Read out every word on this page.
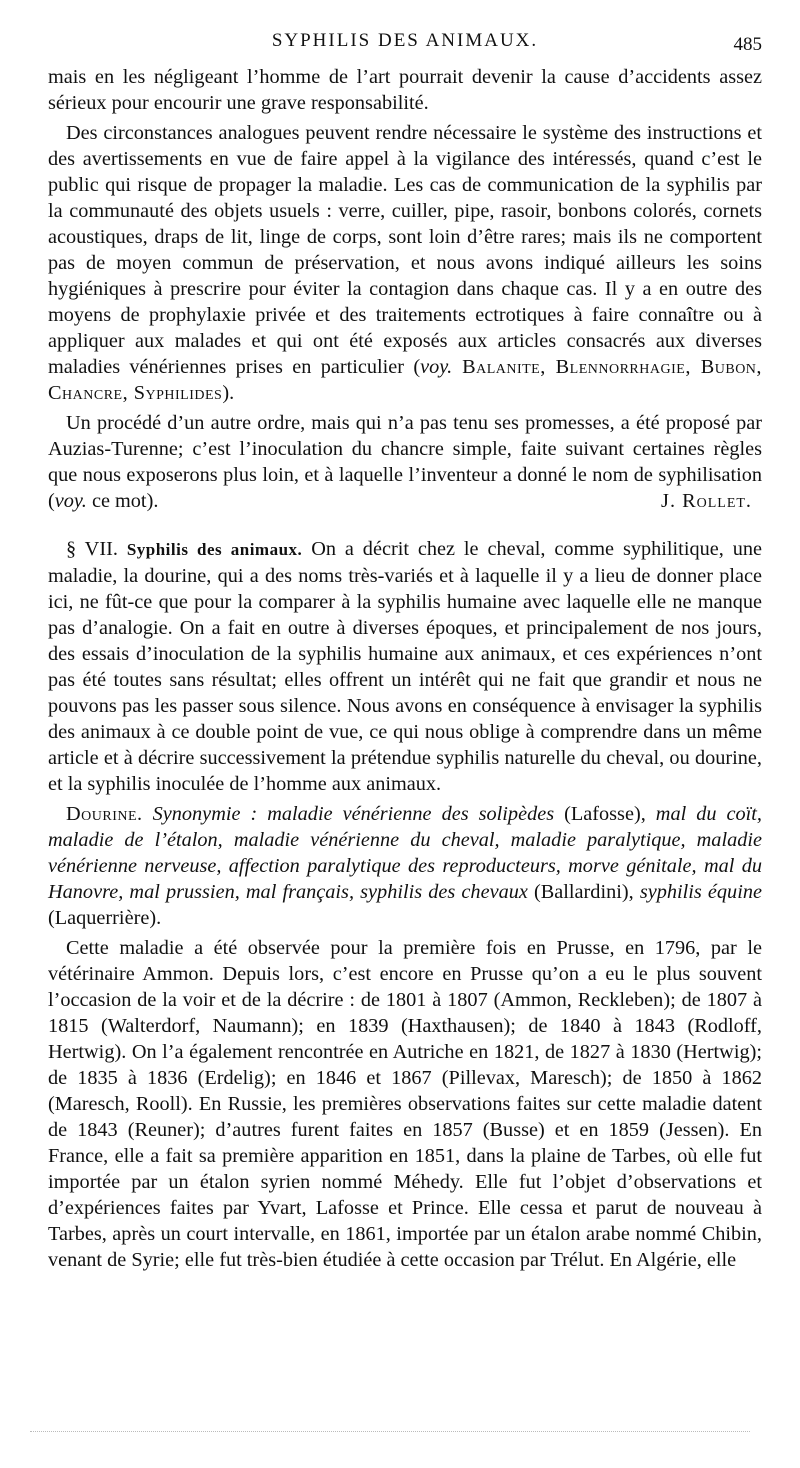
SYPHILIS DES ANIMAUX.	485

mais en les négligeant l’homme de l’art pourrait devenir la cause d’accidents assez sérieux pour encourir une grave responsabilité.

Des circonstances analogues peuvent rendre nécessaire le système des instructions et des avertissements en vue de faire appel à la vigilance des intéressés, quand c’est le public qui risque de propager la maladie. Les cas de communication de la syphilis par la communauté des objets usuels : verre, cuiller, pipe, rasoir, bonbons colorés, cornets acoustiques, draps de lit, linge de corps, sont loin d’être rares; mais ils ne comportent pas de moyen commun de préservation, et nous avons indiqué ailleurs les soins hygiéniques à prescrire pour éviter la contagion dans chaque cas. Il y a en outre des moyens de prophylaxie privée et des traitements ectrotiques à faire connaître ou à appliquer aux malades et qui ont été exposés aux articles consacrés aux diverses maladies vénériennes prises en particulier (voy. Balanite, Blennorrhagie, Bubon, Chancre, Syphilides).

Un procédé d’un autre ordre, mais qui n’a pas tenu ses promesses, a été proposé par Auzias-Turenne; c’est l’inoculation du chancre simple, faite suivant certaines règles que nous exposerons plus loin, et à laquelle l’inventeur a donné le nom de syphilisation (voy. ce mot).	J. Rollet.

§ VII. Syphilis des animaux. On a décrit chez le cheval, comme syphilitique, une maladie, la dourine, qui a des noms très-variés et à laquelle il y a lieu de donner place ici, ne fût-ce que pour la comparer à la syphilis humaine avec laquelle elle ne manque pas d’analogie. On a fait en outre à diverses époques, et principalement de nos jours, des essais d’inoculation de la syphilis humaine aux animaux, et ces expériences n’ont pas été toutes sans résultat; elles offrent un intérêt qui ne fait que grandir et nous ne pouvons pas les passer sous silence. Nous avons en conséquence à envisager la syphilis des animaux à ce double point de vue, ce qui nous oblige à comprendre dans un même article et à décrire successivement la prétendue syphilis naturelle du cheval, ou dourine, et la syphilis inoculée de l’homme aux animaux.

Dourine. Synonymie : maladie vénérienne des solipèdes (Lafosse), mal du coït, maladie de l’étalon, maladie vénérienne du cheval, maladie paralytique, maladie vénérienne nerveuse, affection paralytique des reproducteurs, morve génitale, mal du Hanovre, mal prussien, mal français, syphilis des chevaux (Ballardini), syphilis équine (Laquerrière).

Cette maladie a été observée pour la première fois en Prusse, en 1796, par le vétérinaire Ammon. Depuis lors, c’est encore en Prusse qu’on a eu le plus souvent l’occasion de la voir et de la décrire : de 1801 à 1807 (Ammon, Reckleben); de 1807 à 1815 (Walterdorf, Naumann); en 1839 (Haxthausen); de 1840 à 1843 (Rodloff, Hertwig). On l’a également rencontrée en Autriche en 1821, de 1827 à 1830 (Hertwig); de 1835 à 1836 (Erdelig); en 1846 et 1867 (Pillevax, Maresch); de 1850 à 1862 (Maresch, Rooll). En Russie, les premières observations faites sur cette maladie datent de 1843 (Reuner); d’autres furent faites en 1857 (Busse) et en 1859 (Jessen). En France, elle a fait sa première apparition en 1851, dans la plaine de Tarbes, où elle fut importée par un étalon syrien nommé Méhedy. Elle fut l’objet d’observations et d’expériences faites par Yvart, Lafosse et Prince. Elle cessa et parut de nouveau à Tarbes, après un court intervalle, en 1861, importée par un étalon arabe nommé Chibin, venant de Syrie; elle fut très-bien étudiée à cette occasion par Trélut. En Algérie, elle
